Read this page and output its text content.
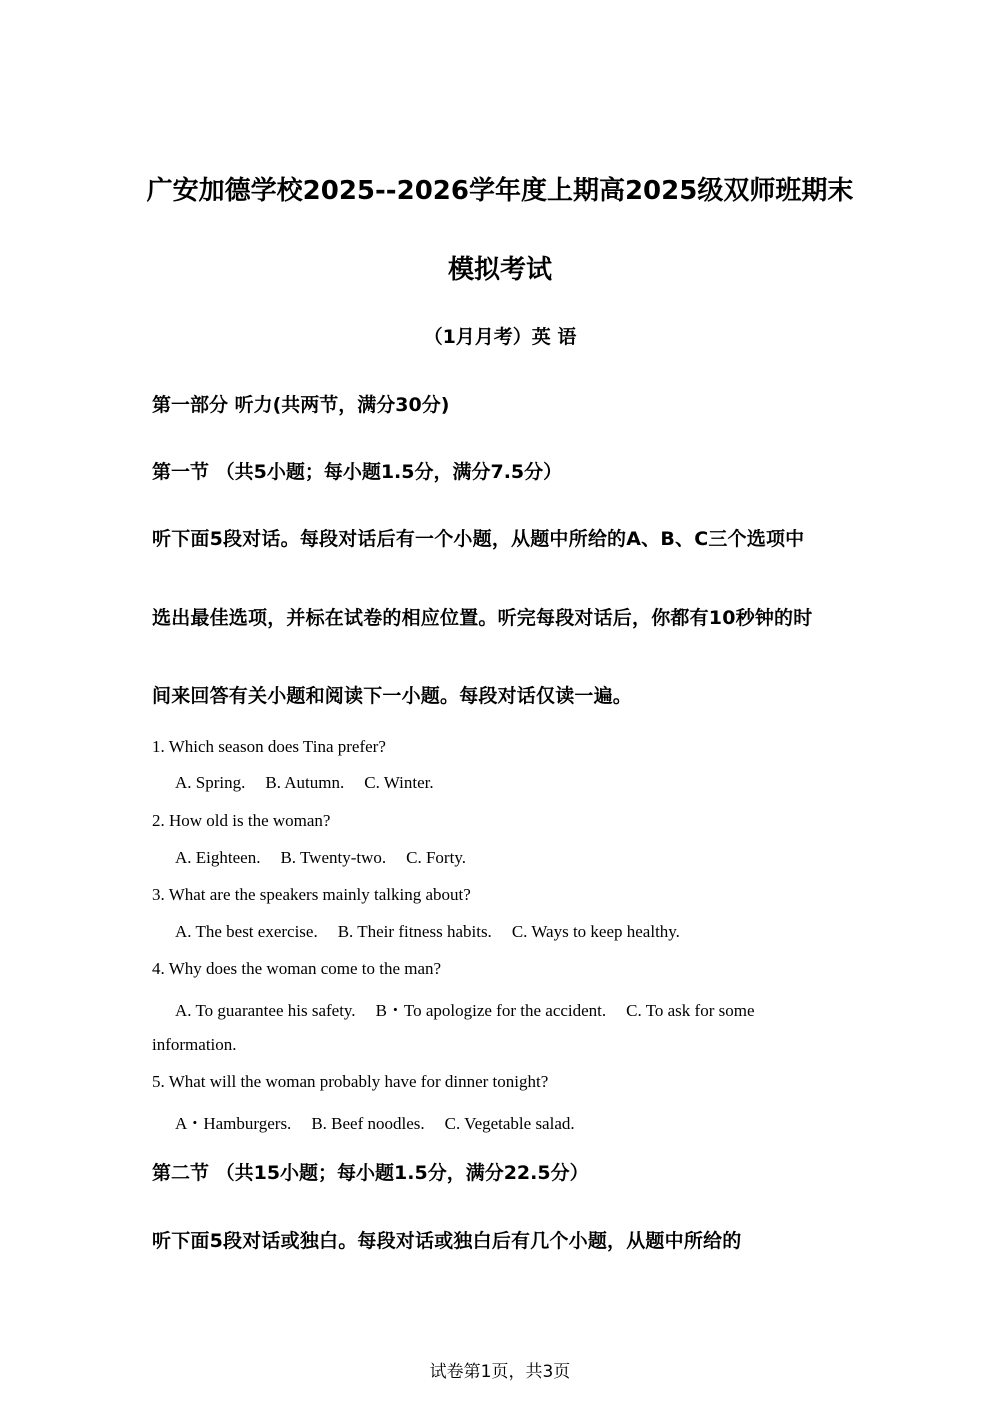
广安加德学校2025--2026学年度上期高2025级双师班期末
模拟考试
（1月月考）英 语
第一部分 听力(共两节，满分30分)
第一节 （共5小题；每小题1.5分，满分7.5分）
听下面5段对话。每段对话后有一个小题，从题中所给的A、B、C三个选项中
选出最佳选项，并标在试卷的相应位置。听完每段对话后，你都有10秒钟的时
间来回答有关小题和阅读下一小题。每段对话仅读一遍。
1. Which season does Tina prefer?
A. Spring. B. Autumn. C. Winter.
2. How old is the woman?
A. Eighteen. B. Twenty-two. C. Forty.
3. What are the speakers mainly talking about?
A. The best exercise. B. Their fitness habits. C. Ways to keep healthy.
4. Why does the woman come to the man?
A. To guarantee his safety. B ･ To apologize for the accident. C. To ask for some
information.
5. What will the woman probably have for dinner tonight?
A ･ Hamburgers. B. Beef noodles. C. Vegetable salad.
第二节 （共15小题；每小题1.5分，满分22.5分）
听下面5段对话或独白。每段对话或独白后有几个小题，从题中所给的
试卷第1页，共3页
